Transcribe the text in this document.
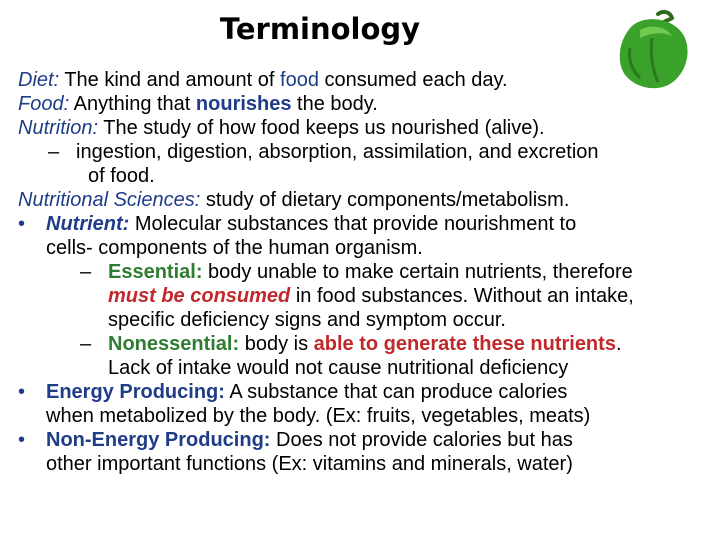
Terminology
Diet: The kind and amount of food consumed each day.
Food: Anything that nourishes the body.
Nutrition: The study of how food keeps us nourished (alive).
– ingestion, digestion, absorption, assimilation, and excretion
of food.
Nutritional Sciences: study of dietary components/metabolism.
• Nutrient: Molecular substances that provide nourishment to
cells- components of the human organism.
– Essential: body unable to make certain nutrients, therefore
must be consumed in food substances. Without an intake,
specific deficiency signs and symptom occur.
– Nonessential: body is able to generate these nutrients.
Lack of intake would not cause nutritional deficiency
• Energy Producing: A substance that can produce calories
when metabolized by the body. (Ex: fruits, vegetables, meats)
• Non-Energy Producing: Does not provide calories but has
other important functions (Ex: vitamins and minerals, water)
